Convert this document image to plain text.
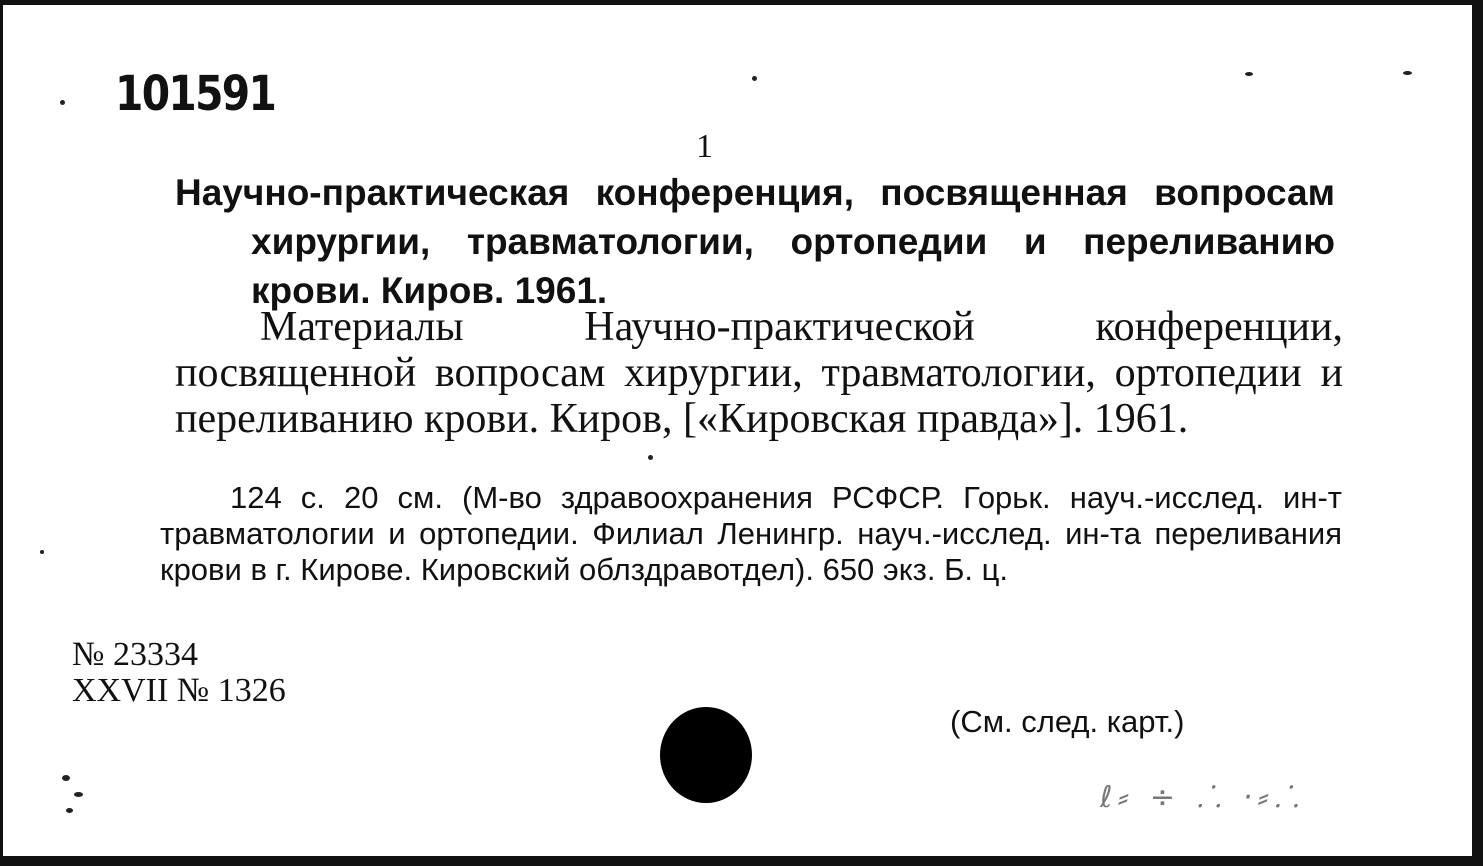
101591
1
Научно-практическая конференция, посвященная вопросам хирургии, травматологии, ортопедии и переливанию крови. Киров. 1961.
Материалы Научно-практической конференции, посвященной вопросам хирургии, травматологии, ортопедии и переливанию крови. Киров, [«Кировская правда»]. 1961.
124 с. 20 см. (М-во здравоохранения РСФСР. Горьк. науч.-исслед. ин-т травматологии и ортопедии. Филиал Ленингр. науч.-исслед. ин-та переливания крови в г. Кирове. Кировский облздравотдел). 650 экз. Б. ц.
№ 23334
XXVII № 1326
(См. след. карт.)
ℓ⸗ ÷ ⸫ ·⸗⸫
